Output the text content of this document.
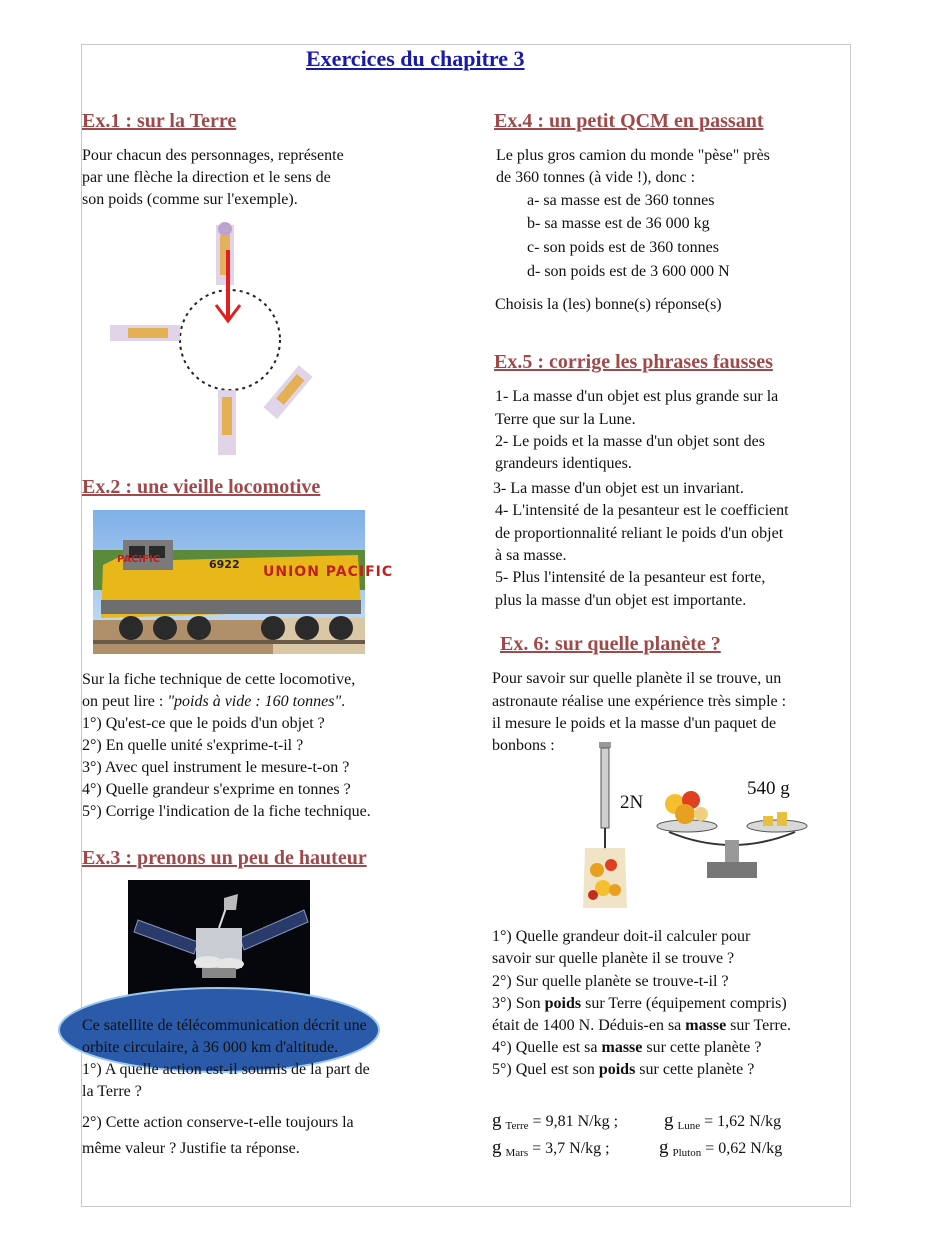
Exercices du chapitre 3
Ex.1 : sur la Terre
Pour chacun des personnages, représente
par une flèche la direction et le sens de
son poids (comme sur l'exemple).
Ex.2 : une vieille locomotive
PACIFIC	6922 UNION PACIFIC
Sur la fiche technique de cette locomotive,
on peut lire : "poids à vide : 160 tonnes".
1°) Qu'est-ce que le poids d'un objet ?
2°) En quelle unité s'exprime-t-il ?
3°) Avec quel instrument le mesure-t-on ?
4°) Quelle grandeur s'exprime en tonnes ?
5°) Corrige l'indication de la fiche technique.
Ex.3 : prenons un peu de hauteur
Ce satellite de télécommunication décrit une
orbite circulaire, à 36 000 km d'altitude.
1°) A quelle action est-il soumis de la part de
la Terre ?
2°) Cette action conserve-t-elle toujours la
même valeur ? Justifie ta réponse.
Ex.4 : un petit QCM en passant
Le plus gros camion du monde "pèse" près
de 360 tonnes (à vide !), donc :
a- sa masse est de 360 tonnes
b- sa masse est de 36 000 kg
c- son poids est de 360 tonnes
d- son poids est de 3 600 000 N
Choisis la (les) bonne(s) réponse(s)
Ex.5 : corrige les phrases fausses
1- La masse d'un objet est plus grande sur la
Terre que sur la Lune.
2- Le poids et la masse d'un objet sont des
grandeurs identiques.
3- La masse d'un objet est un invariant.
4- L'intensité de la pesanteur est le coefficient
de proportionnalité reliant le poids d'un objet
à sa masse.
5- Plus l'intensité de la pesanteur est forte,
plus la masse d'un objet est importante.
Ex. 6: sur quelle planète ?
Pour savoir sur quelle planète il se trouve, un
astronaute réalise une expérience très simple :
il mesure le poids et la masse d'un paquet de
bonbons :
2N
540 g
1°) Quelle grandeur doit-il calculer pour
savoir sur quelle planète il se trouve ?
2°) Sur quelle planète se trouve-t-il ?
3°) Son poids sur Terre (équipement compris)
était de 1400 N. Déduis-en sa masse sur Terre.
4°) Quelle est sa masse sur cette planète ?
5°) Quel est son poids sur cette planète ?
g Terre = 9,81 N/kg ; g Lune = 1,62 N/kg
g Mars = 3,7 N/kg ;	g Pluton = 0,62 N/kg
